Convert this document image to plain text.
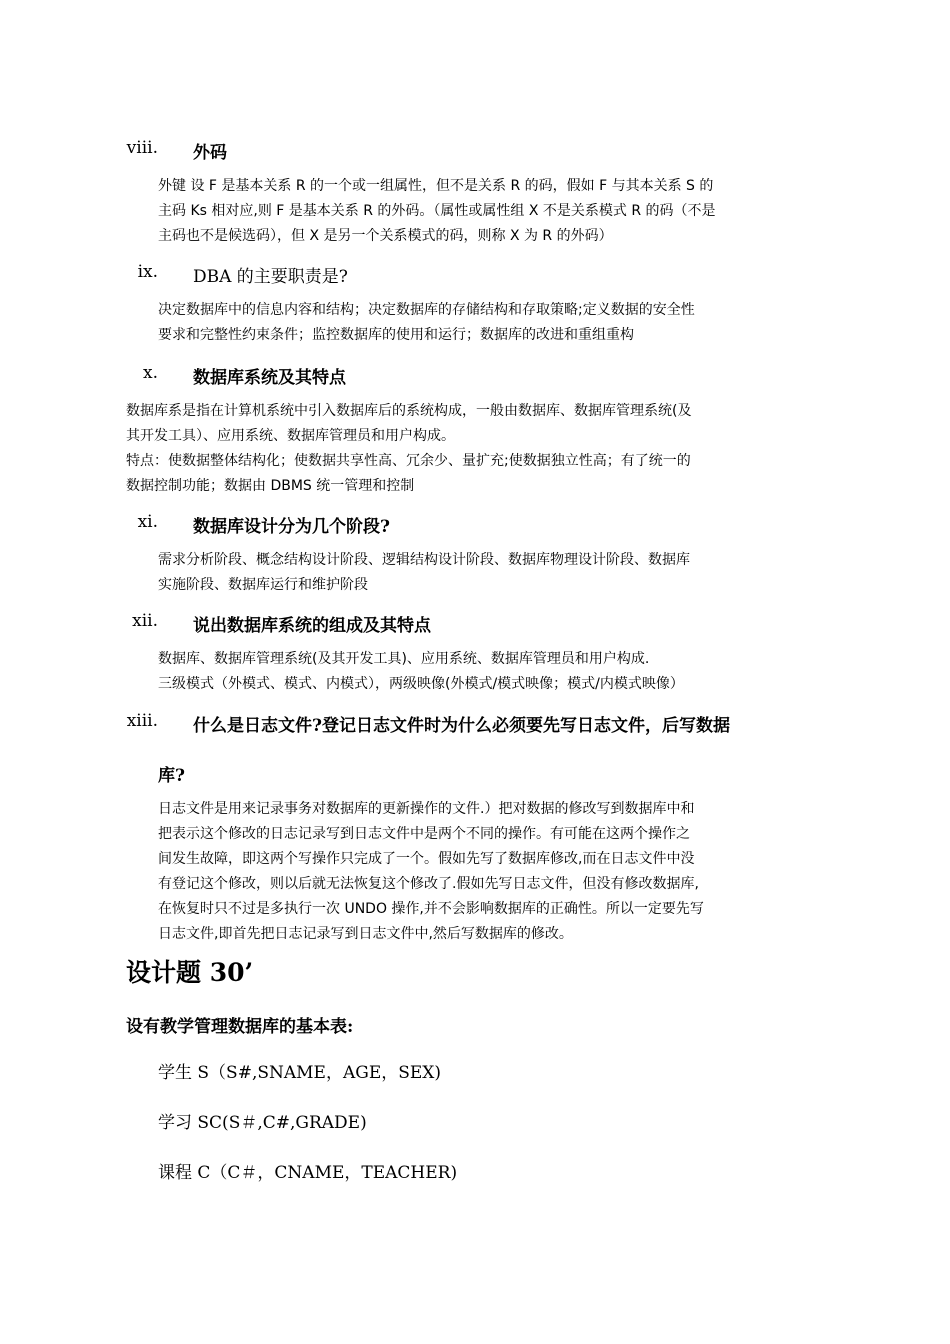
viii. 外码

外键 设 F 是基本关系 R 的一个或一组属性，但不是关系 R 的码，假如 F 与其本关系 S 的

主码 Ks 相对应,则 F 是基本关系 R 的外码。（属性或属性组 X 不是关系模式 R 的码（不是

主码也不是候选码），但 X 是另一个关系模式的码，则称 X 为 R 的外码）

ix. DBA 的主要职责是?

决定数据库中的信息内容和结构；决定数据库的存储结构和存取策略;定义数据的安全性

要求和完整性约束条件；监控数据库的使用和运行；数据库的改进和重组重构

x. 数据库系统及其特点

数据库系是指在计算机系统中引入数据库后的系统构成，一般由数据库、数据库管理系统(及

其开发工具）、应用系统、数据库管理员和用户构成。

特点：使数据整体结构化；使数据共享性高、冗余少、量扩充;使数据独立性高；有了统一的

数据控制功能；数据由 DBMS 统一管理和控制

xi. 数据库设计分为几个阶段?

需求分析阶段、概念结构设计阶段、逻辑结构设计阶段、数据库物理设计阶段、数据库

实施阶段、数据库运行和维护阶段

xii. 说出数据库系统的组成及其特点

数据库、数据库管理系统(及其开发工具)、应用系统、数据库管理员和用户构成.

三级模式（外模式、模式、内模式），两级映像(外模式/模式映像；模式/内模式映像）

xiii. 什么是日志文件?登记日志文件时为什么必须要先写日志文件，后写数据
库?

日志文件是用来记录事务对数据库的更新操作的文件.）把对数据的修改写到数据库中和

把表示这个修改的日志记录写到日志文件中是两个不同的操作。有可能在这两个操作之

间发生故障，即这两个写操作只完成了一个。假如先写了数据库修改,而在日志文件中没

有登记这个修改，则以后就无法恢复这个修改了.假如先写日志文件，但没有修改数据库,

在恢复时只不过是多执行一次 UNDO 操作,并不会影响数据库的正确性。所以一定要先写

日志文件,即首先把日志记录写到日志文件中,然后写数据库的修改。

设计题 30’
设有教学管理数据库的基本表:
学生 S（S#,SNAME，AGE，SEX)
学习 SC(S＃,C#,GRADE)
课程 C（C＃，CNAME，TEACHER)
